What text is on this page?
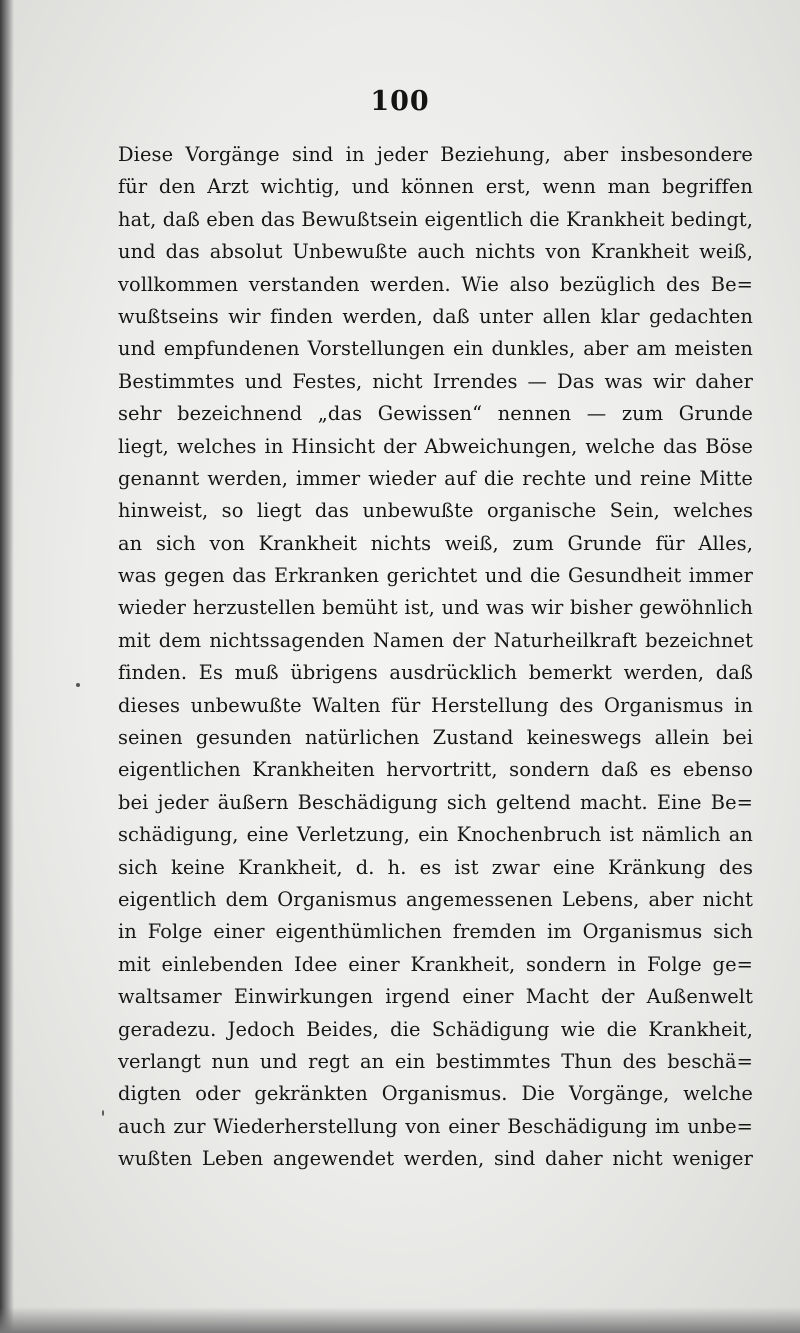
100
Diese Vorgänge sind in jeder Beziehung, aber insbesondere
für den Arzt wichtig, und können erst, wenn man begriffen
hat, daß eben das Bewußtsein eigentlich die Krankheit bedingt,
und das absolut Unbewußte auch nichts von Krankheit weiß,
vollkommen verstanden werden. Wie also bezüglich des Be=
wußtseins wir finden werden, daß unter allen klar gedachten
und empfundenen Vorstellungen ein dunkles, aber am meisten
Bestimmtes und Festes, nicht Irrendes — Das was wir daher
sehr bezeichnend „das Gewissen“ nennen — zum Grunde
liegt, welches in Hinsicht der Abweichungen, welche das Böse
genannt werden, immer wieder auf die rechte und reine Mitte
hinweist, so liegt das unbewußte organische Sein, welches
an sich von Krankheit nichts weiß, zum Grunde für Alles,
was gegen das Erkranken gerichtet und die Gesundheit immer
wieder herzustellen bemüht ist, und was wir bisher gewöhnlich
mit dem nichtssagenden Namen der Naturheilkraft bezeichnet
finden. Es muß übrigens ausdrücklich bemerkt werden, daß
dieses unbewußte Walten für Herstellung des Organismus in
seinen gesunden natürlichen Zustand keineswegs allein bei
eigentlichen Krankheiten hervortritt, sondern daß es ebenso
bei jeder äußern Beschädigung sich geltend macht. Eine Be=
schädigung, eine Verletzung, ein Knochenbruch ist nämlich an
sich keine Krankheit, d. h. es ist zwar eine Kränkung des
eigentlich dem Organismus angemessenen Lebens, aber nicht
in Folge einer eigenthümlichen fremden im Organismus sich
mit einlebenden Idee einer Krankheit, sondern in Folge ge=
waltsamer Einwirkungen irgend einer Macht der Außenwelt
geradezu. Jedoch Beides, die Schädigung wie die Krankheit,
verlangt nun und regt an ein bestimmtes Thun des beschä=
digten oder gekränkten Organismus. Die Vorgänge, welche
auch zur Wiederherstellung von einer Beschädigung im unbe=
wußten Leben angewendet werden, sind daher nicht weniger
